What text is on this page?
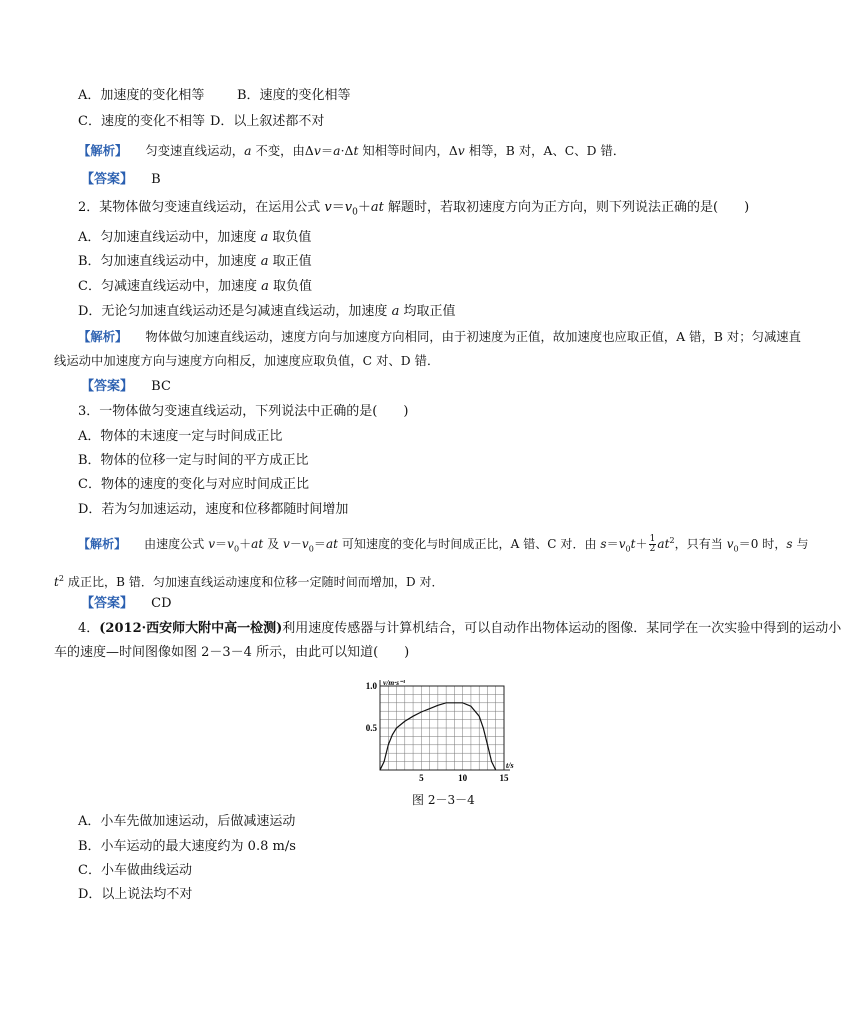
A．加速度的变化相等	B．速度的变化相等
C．速度的变化不相等 D．以上叙述都不对
【解析】 匀变速直线运动，a 不变，由Δv＝a·Δt 知相等时间内，Δv 相等，B 对，A、C、D 错．
【答案】 B
2．某物体做匀变速直线运动，在运用公式 $v=v_0+at$ 解题时，若取初速度方向为正方向，则下列说法正确的是(　　)
A．匀加速直线运动中，加速度 a 取负值
B．匀加速直线运动中，加速度 a 取正值
C．匀减速直线运动中，加速度 a 取负值
D．无论匀加速直线运动还是匀减速直线运动，加速度 a 均取正值
【解析】 物体做匀加速直线运动，速度方向与加速度方向相同，由于初速度为正值，故加速度也应取正值，A 错，B 对；匀减速直
线运动中加速度方向与速度方向相反，加速度应取负值，C 对、D 错．
【答案】 BC
3．一物体做匀变速直线运动，下列说法中正确的是(　　)
A．物体的末速度一定与时间成正比
B．物体的位移一定与时间的平方成正比
C．物体的速度的变化与对应时间成正比
D．若为匀加速运动，速度和位移都随时间增加
【解析】 由速度公式 $v=v_0+at$ 及 $v-v_0=at$ 可知速度的变化与时间成正比，A 错、C 对．由 $s=v_0t+ \frac{1}{2} at^2$，只有当 $v_0=0$ 时，s 与
$t^2$ 成正比，B 错．匀加速直线运动速度和位移一定随时间而增加，D 对．
【答案】 CD
4．(2012·西安师大附中高一检测)利用速度传感器与计算机结合，可以自动作出物体运动的图像．某同学在一次实验中得到的运动小
车的速度—时间图像如图 2－3－4 所示，由此可以知道(　　)
5	10	15
0.5
1.0 v/m·s⁻¹
t/s
图 2－3－4
A．小车先做加速运动，后做减速运动
B．小车运动的最大速度约为 0.8 m/s
C．小车做曲线运动
D．以上说法均不对
